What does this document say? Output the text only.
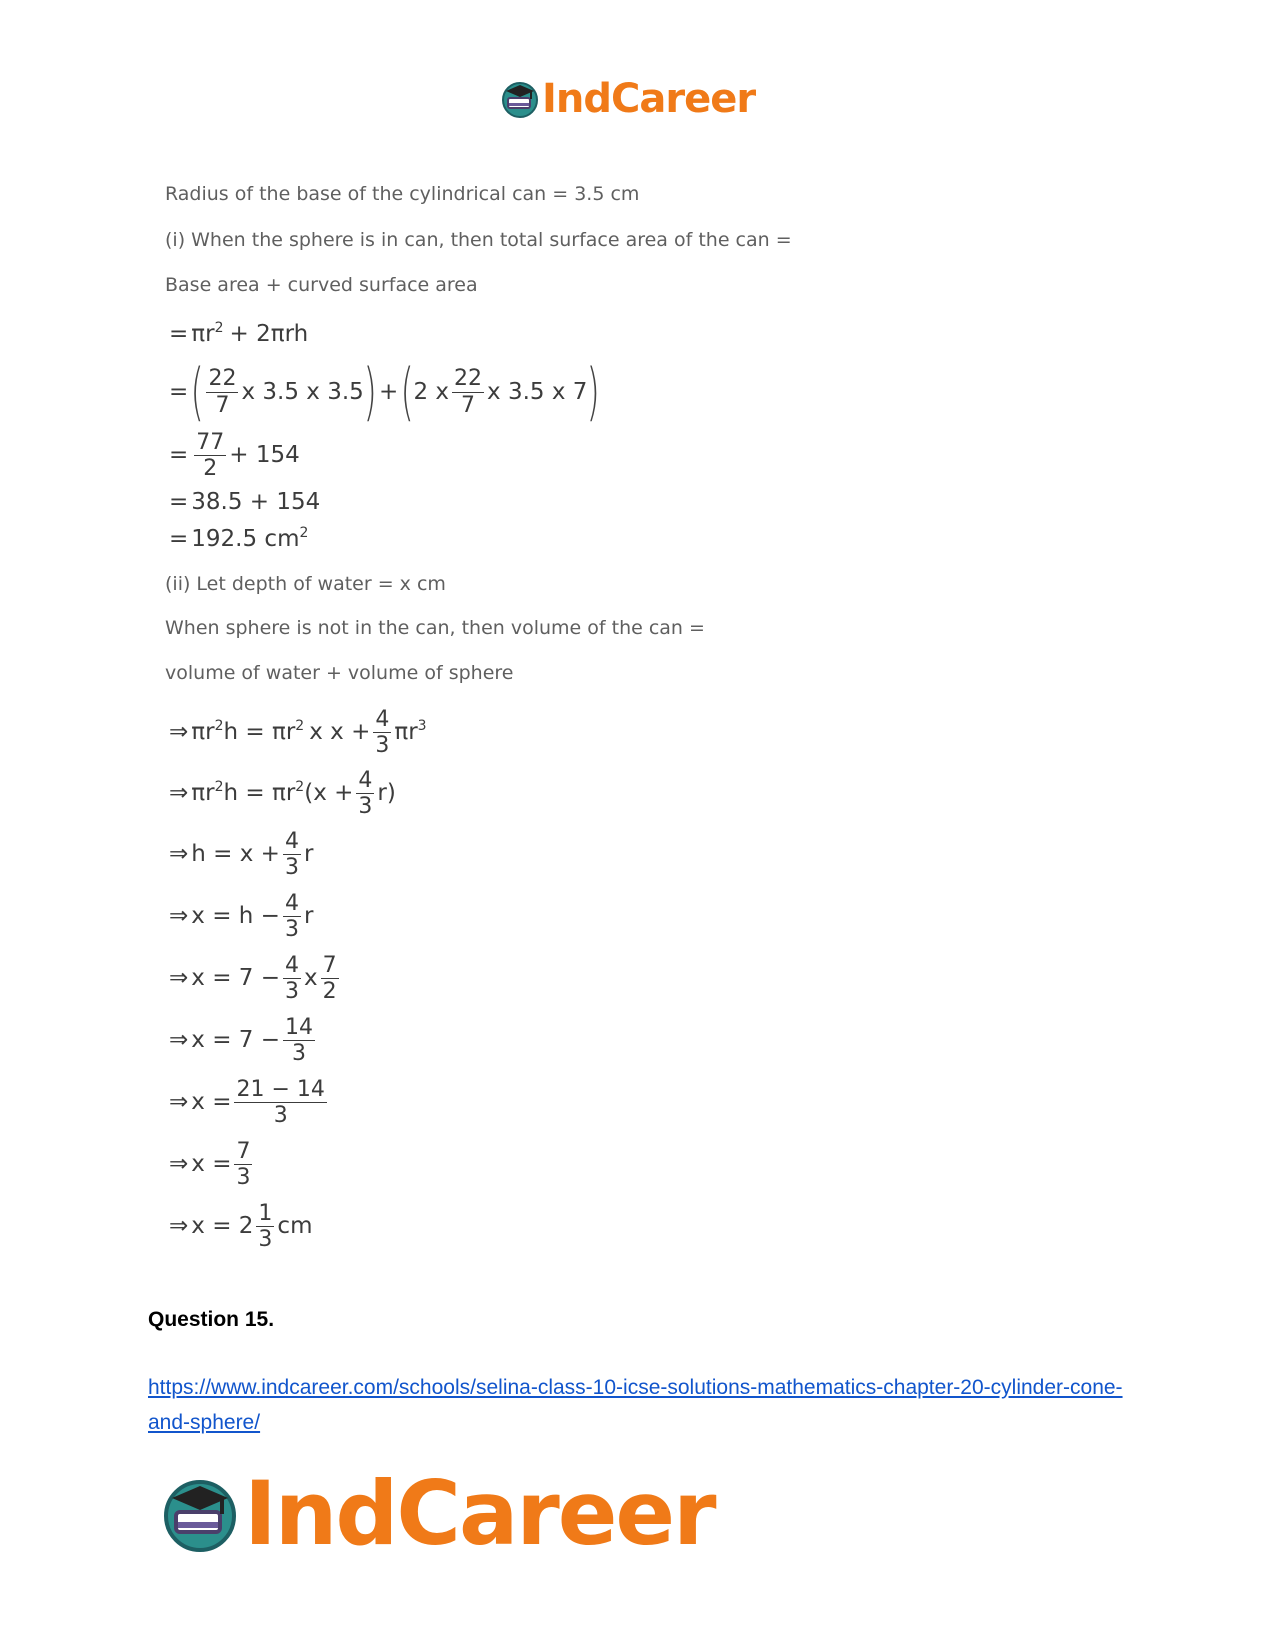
IndCareer
Radius of the base of the cylindrical can = 3.5 cm
(i) When the sphere is in can, then total surface area of the can =
Base area + curved surface area
= $\pi r^2 + 2\pi rh$
= ( $\frac{22}{7}$ x 3.5 x 3.5 ) + ( 2 x $\frac{22}{7}$ x 3.5 x 7 )
= $\frac{77}{2} + 154$
= 38.5 + 154
= 192.5 $cm^2$
(ii) Let depth of water = x cm
When sphere is not in the can, then volume of the can =
volume of water + volume of sphere
⇒ $\pi r^2$ $h = \pi r^2$ x $x + \frac{4}{3} \pi r^3$
⇒ $\pi r^2$ $h = \pi r^2$ $(x + \frac{4}{3} r)$
⇒ $h = x + \frac{4}{3}$ r
⇒ $x = h - \frac{4}{3}$ r
⇒ $x = 7 - \frac{4}{3}$ x $\frac{7}{2}$
⇒ $x = 7 - \frac{14}{3}$
⇒ $x = \frac{21 - 14}{3}$
⇒ $x = \frac{7}{3}$
⇒ $x = 2 \frac{1}{3}$ cm
Question 15.
https://www.indcareer.com/schools/selina-class-10-icse-solutions-mathematics-chapter-20-cylinder-cone-and-sphere/
IndCareer
